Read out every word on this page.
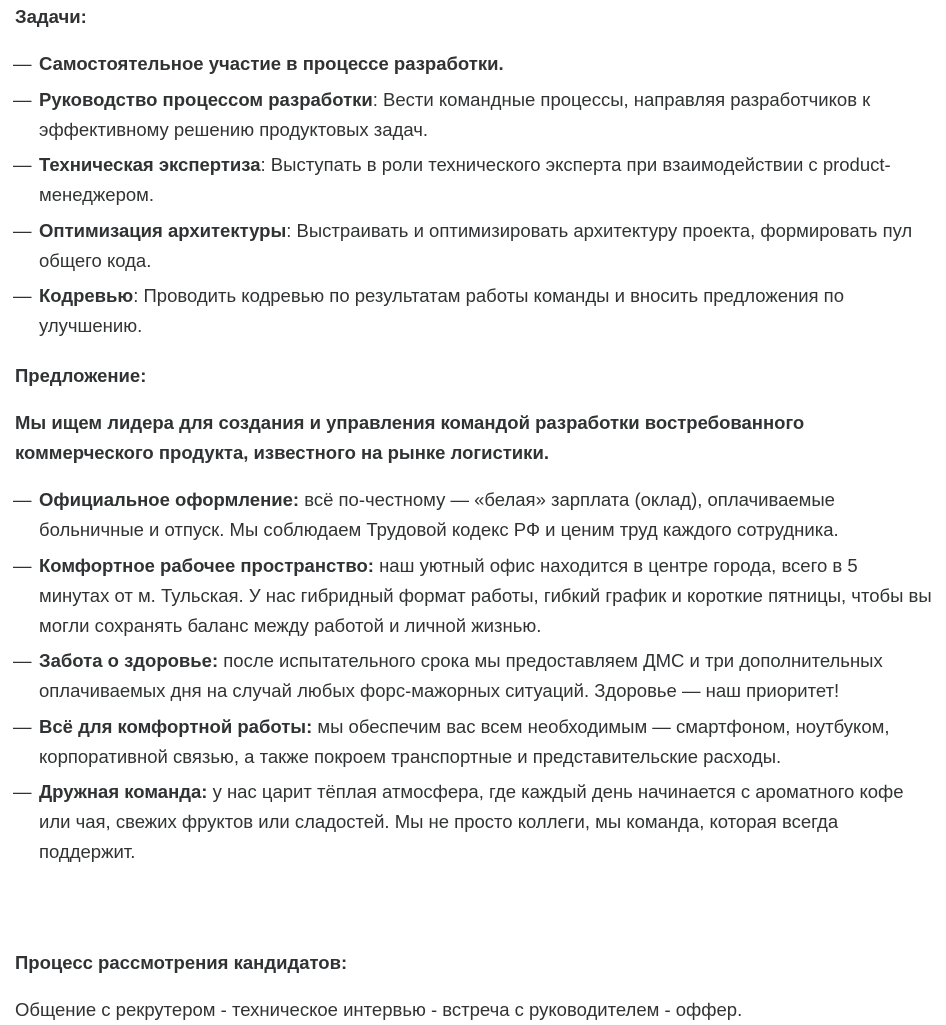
Задачи:
— Самостоятельное участие в процессе разработки.
— Руководство процессом разработки: Вести командные процессы, направляя разработчиков к эффективному решению продуктовых задач.
— Техническая экспертиза: Выступать в роли технического эксперта при взаимодействии с product-менеджером.
— Оптимизация архитектуры: Выстраивать и оптимизировать архитектуру проекта, формировать пул общего кода.
— Кодревью: Проводить кодревью по результатам работы команды и вносить предложения по улучшению.
Предложение:

Мы ищем лидера для создания и управления командой разработки востребованного коммерческого продукта, известного на рынке логистики.

— Официальное оформление: всё по-честному — «белая» зарплата (оклад), оплачиваемые больничные и отпуск. Мы соблюдаем Трудовой кодекс РФ и ценим труд каждого сотрудника.
— Комфортное рабочее пространство: наш уютный офис находится в центре города, всего в 5 минутах от м. Тульская. У нас гибридный формат работы, гибкий график и короткие пятницы, чтобы вы могли сохранять баланс между работой и личной жизнью.
— Забота о здоровье: после испытательного срока мы предоставляем ДМС и три дополнительных оплачиваемых дня на случай любых форс-мажорных ситуаций. Здоровье — наш приоритет!
— Всё для комфортной работы: мы обеспечим вас всем необходимым — смартфоном, ноутбуком, корпоративной связью, а также покроем транспортные и представительские расходы.
— Дружная команда: у нас царит тёплая атмосфера, где каждый день начинается с ароматного кофе или чая, свежих фруктов или сладостей. Мы не просто коллеги, мы команда, которая всегда поддержит.
Процесс рассмотрения кандидатов:

Общение с рекрутером - техническое интервью - встреча с руководителем - оффер.
